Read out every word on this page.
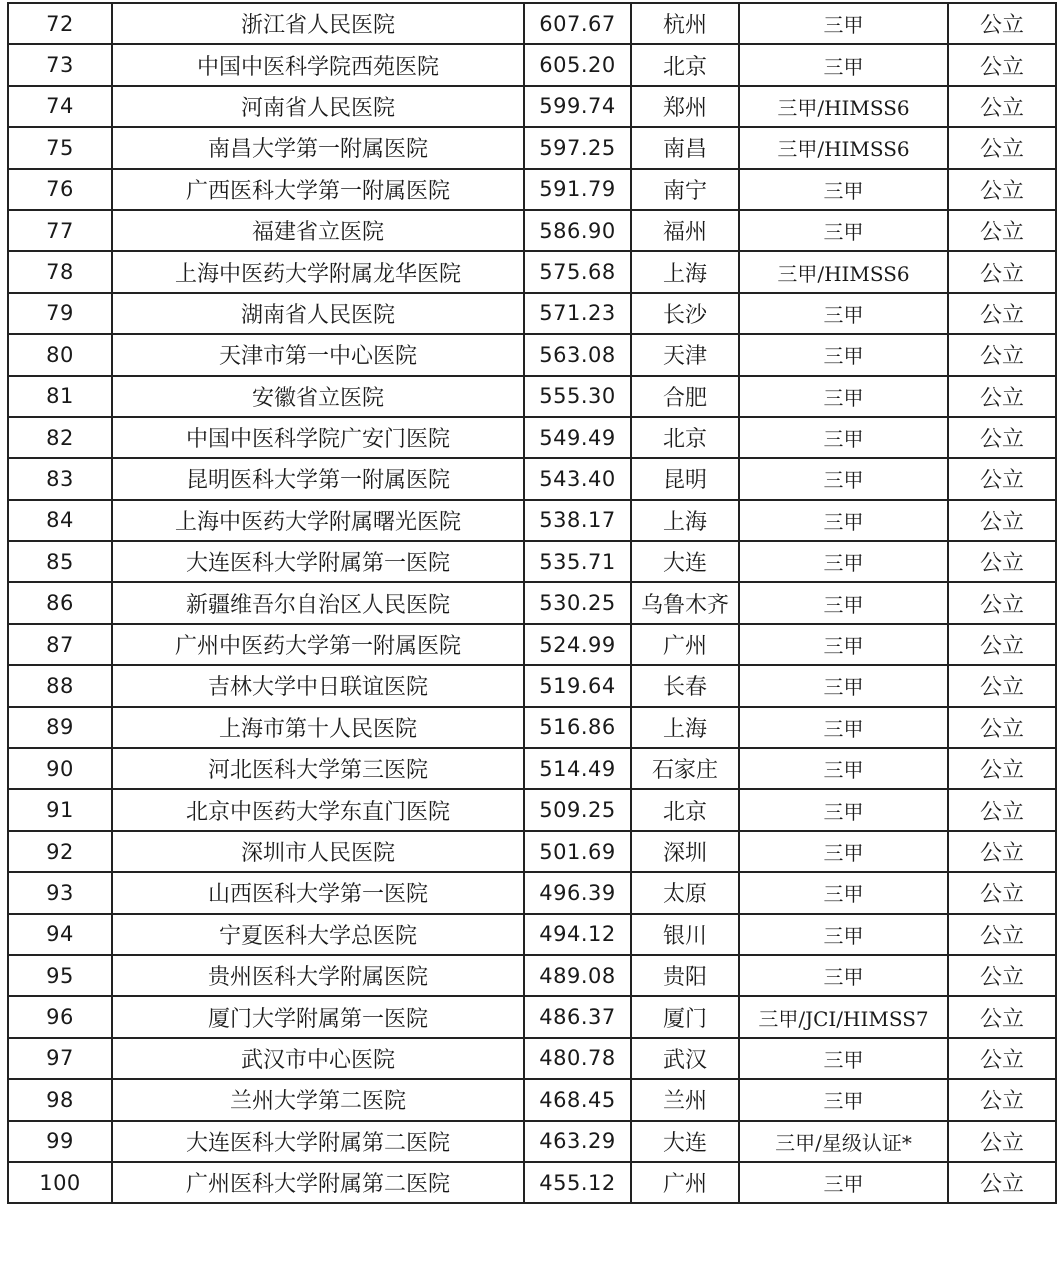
72	浙江省人民医院	607.67	杭州	三甲	公立
73	中国中医科学院西苑医院	605.20	北京	三甲	公立
74	河南省人民医院	599.74	郑州	三甲/HIMSS6	公立
75	南昌大学第一附属医院	597.25	南昌	三甲/HIMSS6	公立
76	广西医科大学第一附属医院	591.79	南宁	三甲	公立
77	福建省立医院	586.90	福州	三甲	公立
78	上海中医药大学附属龙华医院	575.68	上海	三甲/HIMSS6	公立
79	湖南省人民医院	571.23	长沙	三甲	公立
80	天津市第一中心医院	563.08	天津	三甲	公立
81	安徽省立医院	555.30	合肥	三甲	公立
82	中国中医科学院广安门医院	549.49	北京	三甲	公立
83	昆明医科大学第一附属医院	543.40	昆明	三甲	公立
84	上海中医药大学附属曙光医院	538.17	上海	三甲	公立
85	大连医科大学附属第一医院	535.71	大连	三甲	公立
86	新疆维吾尔自治区人民医院	530.25	乌鲁木齐	三甲	公立
87	广州中医药大学第一附属医院	524.99	广州	三甲	公立
88	吉林大学中日联谊医院	519.64	长春	三甲	公立
89	上海市第十人民医院	516.86	上海	三甲	公立
90	河北医科大学第三医院	514.49	石家庄	三甲	公立
91	北京中医药大学东直门医院	509.25	北京	三甲	公立
92	深圳市人民医院	501.69	深圳	三甲	公立
93	山西医科大学第一医院	496.39	太原	三甲	公立
94	宁夏医科大学总医院	494.12	银川	三甲	公立
95	贵州医科大学附属医院	489.08	贵阳	三甲	公立
96	厦门大学附属第一医院	486.37	厦门	三甲/JCI/HIMSS7	公立
97	武汉市中心医院	480.78	武汉	三甲	公立
98	兰州大学第二医院	468.45	兰州	三甲	公立
99	大连医科大学附属第二医院	463.29	大连	三甲/星级认证*	公立
100	广州医科大学附属第二医院	455.12	广州	三甲	公立
